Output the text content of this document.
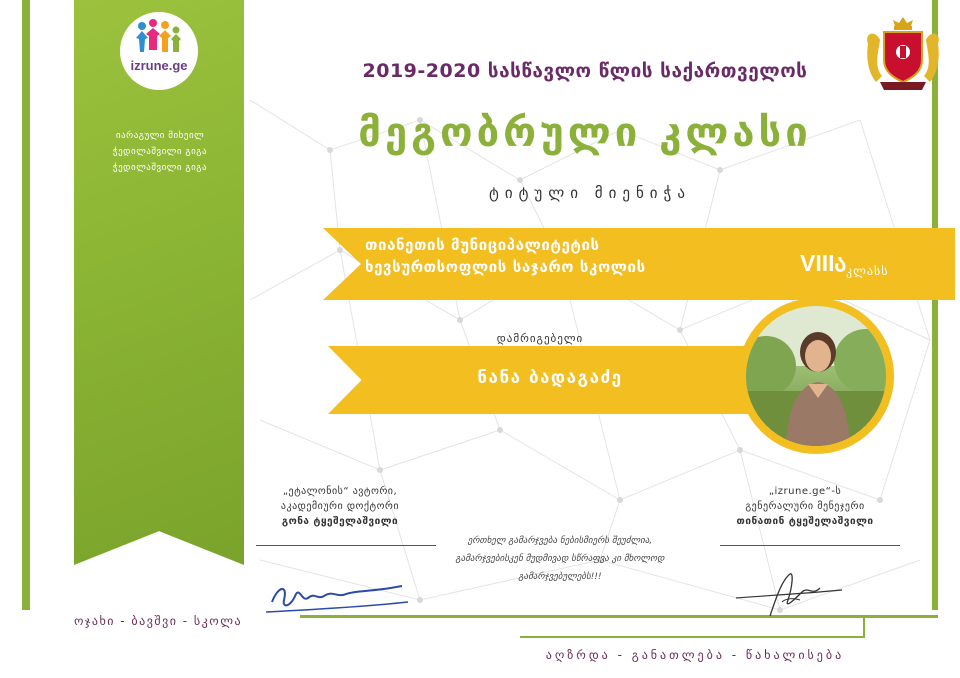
izrune.ge
იარაგული მიხეილ
ჭედილაშვილი გიგა
ჭედილაშვილი გიგა
ოჯახი - ბავშვი - სკოლა
2019-2020 სასწავლო წლის საქართველოს
მეგობრული კლასი
ტიტული მიენიჭა
თიანეთის მუნიციპალიტეტის
ხევსურთსოფლის საჯარო სკოლის	VIIIა კლასს
დამრიგებელი
ნანა ბადაგაძე
„ეტალონის“ ავტორი,
აკადემიური დოქტორი
გონა ტყეშელაშვილი
„izrune.ge“-ს
გენერალური მენეჯერი
თინათინ ტყეშელაშვილი
ერთხელ გამარჯვება ნებისმიერს შეუძლია,
გამარჯვებისკენ მუდმივად სწრაფვა კი მხოლოდ გამარჯვებულებს!!!
აღზრდა - განათლება - წახალისება
